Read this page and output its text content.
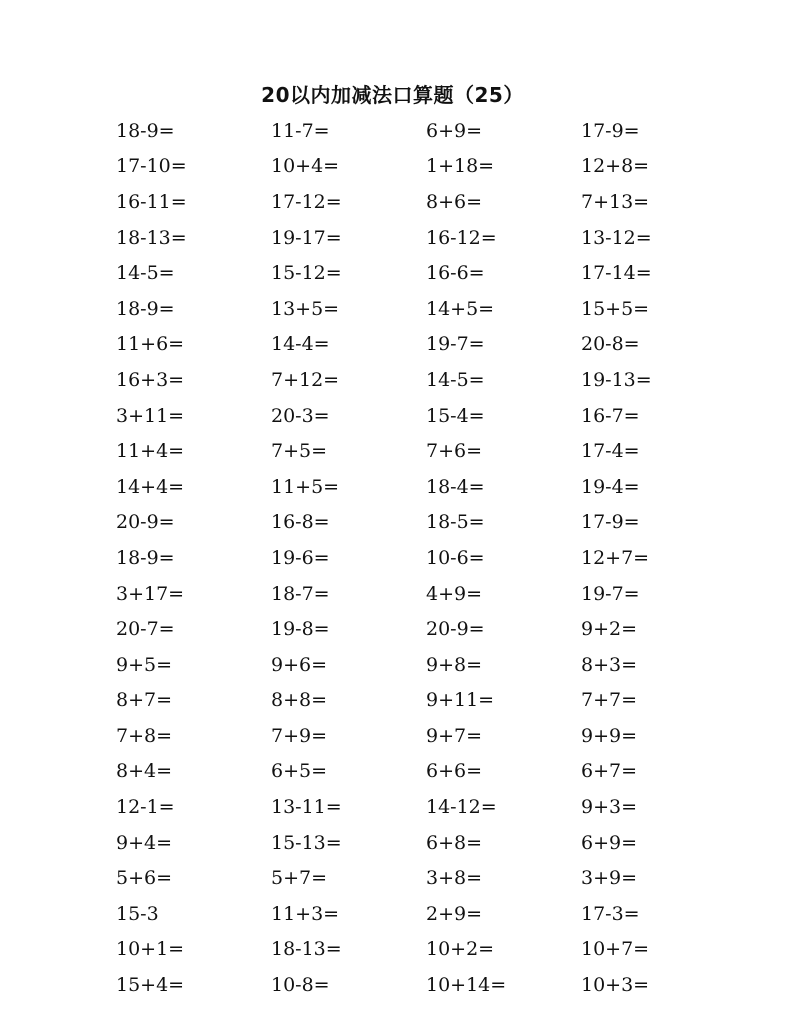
20以内加减法口算题（25）
18-9=	11-7=	6+9=	17-9=
17-10=	10+4=	1+18=	12+8=
16-11=	17-12=	8+6=	7+13=
18-13=	19-17=	16-12=	13-12=
14-5=	15-12=	16-6=	17-14=
18-9=	13+5=	14+5=	15+5=
11+6=	14-4=	19-7=	20-8=
16+3=	7+12=	14-5=	19-13=
3+11=	20-3=	15-4=	16-7=
11+4=	7+5=	7+6=	17-4=
14+4=	11+5=	18-4=	19-4=
20-9=	16-8=	18-5=	17-9=
18-9=	19-6=	10-6=	12+7=
3+17=	18-7=	4+9=	19-7=
20-7=	19-8=	20-9=	9+2=
9+5=	9+6=	9+8=	8+3=
8+7=	8+8=	9+11=	7+7=
7+8=	7+9=	9+7=	9+9=
8+4=	6+5=	6+6=	6+7=
12-1=	13-11=	14-12=	9+3=
9+4=	15-13=	6+8=	6+9=
5+6=	5+7=	3+8=	3+9=
15-3	11+3=	2+9=	17-3=
10+1=	18-13=	10+2=	10+7=
15+4=	10-8=	10+14=	10+3=
